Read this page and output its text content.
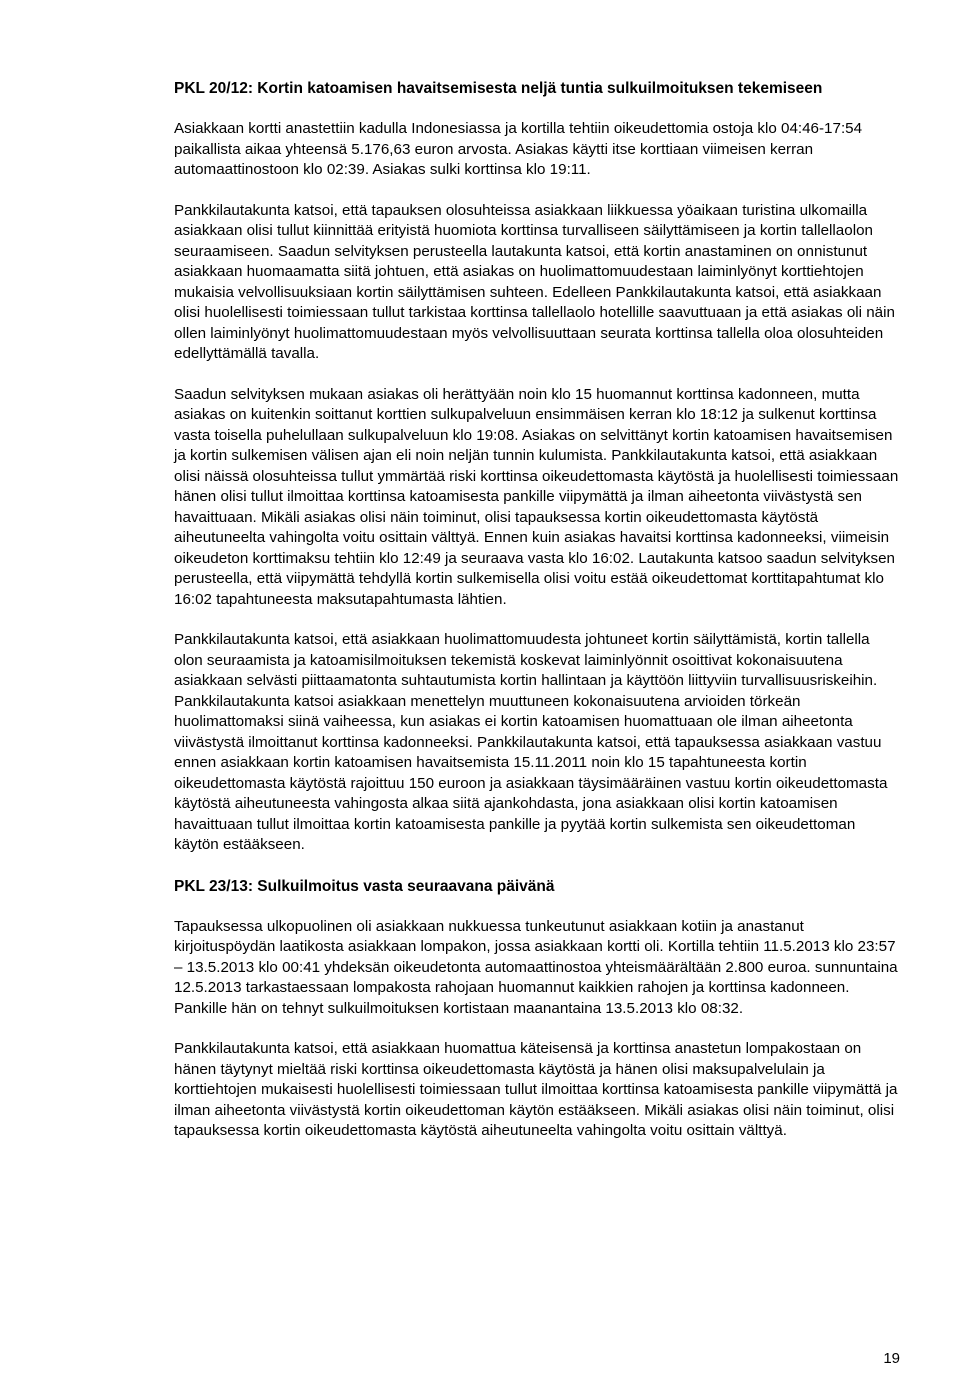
PKL 20/12: Kortin katoamisen havaitsemisesta neljä tuntia sulkuilmoituksen tekemiseen
Asiakkaan kortti anastettiin kadulla Indonesiassa ja kortilla tehtiin oikeudettomia ostoja klo 04:46-17:54 paikallista aikaa yhteensä 5.176,63 euron arvosta. Asiakas käytti itse korttiaan viimeisen kerran automaattinostoon klo 02:39. Asiakas sulki korttinsa klo 19:11.
Pankkilautakunta katsoi, että tapauksen olosuhteissa asiakkaan liikkuessa yöaikaan turistina ulkomailla asiakkaan olisi tullut kiinnittää erityistä huomiota korttinsa turvalliseen säilyttämiseen ja kortin tallellaolon seuraamiseen. Saadun selvityksen perusteella lautakunta katsoi, että kortin anastaminen on onnistunut asiakkaan huomaamatta siitä johtuen, että asiakas on huolimattomuudestaan laiminlyönyt korttiehtojen mukaisia velvollisuuksiaan kortin säilyttämisen suhteen. Edelleen Pankkilautakunta katsoi, että asiakkaan olisi huolellisesti toimiessaan tullut tarkistaa korttinsa tallellaolo hotellille saavuttuaan ja että asiakas oli näin ollen laiminlyönyt huolimattomuudestaan myös velvollisuuttaan seurata korttinsa tallella oloa olosuhteiden edellyttämällä tavalla.
Saadun selvityksen mukaan asiakas oli herättyään noin klo 15 huomannut korttinsa kadonneen, mutta asiakas on kuitenkin soittanut korttien sulkupalveluun ensimmäisen kerran klo 18:12 ja sulkenut korttinsa vasta toisella puhelullaan sulkupalveluun klo 19:08. Asiakas on selvittänyt kortin katoamisen havaitsemisen ja kortin sulkemisen välisen ajan eli noin neljän tunnin kulumista. Pankkilautakunta katsoi, että asiakkaan olisi näissä olosuhteissa tullut ymmärtää riski korttinsa oikeudettomasta käytöstä ja huolellisesti toimiessaan hänen olisi tullut ilmoittaa korttinsa katoamisesta pankille viipymättä ja ilman aiheetonta viivästystä sen havaittuaan. Mikäli asiakas olisi näin toiminut, olisi tapauksessa kortin oikeudettomasta käytöstä aiheutuneelta vahingolta voitu osittain välttyä. Ennen kuin asiakas havaitsi korttinsa kadonneeksi, viimeisin oikeudeton korttimaksu tehtiin klo 12:49 ja seuraava vasta klo 16:02. Lautakunta katsoo saadun selvityksen perusteella, että viipymättä tehdyllä kortin sulkemisella olisi voitu estää oikeudettomat korttitapahtumat klo 16:02 tapahtuneesta maksutapahtumasta lähtien.
Pankkilautakunta katsoi, että asiakkaan huolimattomuudesta johtuneet kortin säilyttämistä, kortin tallella olon seuraamista ja katoamisilmoituksen tekemistä koskevat laiminlyönnit osoittivat kokonaisuutena asiakkaan selvästi piittaamatonta suhtautumista kortin hallintaan ja käyttöön liittyviin turvallisuusriskeihin. Pankkilautakunta katsoi asiakkaan menettelyn muuttuneen kokonaisuutena arvioiden törkeän huolimattomaksi siinä vaiheessa, kun asiakas ei kortin katoamisen huomattuaan ole ilman aiheetonta viivästystä ilmoittanut korttinsa kadonneeksi. Pankkilautakunta katsoi, että tapauksessa asiakkaan vastuu ennen asiakkaan kortin katoamisen havaitsemista 15.11.2011 noin klo 15 tapahtuneesta kortin oikeudettomasta käytöstä rajoittuu 150 euroon ja asiakkaan täysimääräinen vastuu kortin oikeudettomasta käytöstä aiheutuneesta vahingosta alkaa siitä ajankohdasta, jona asiakkaan olisi kortin katoamisen havaittuaan tullut ilmoittaa kortin katoamisesta pankille ja pyytää kortin sulkemista sen oikeudettoman käytön estääkseen.
PKL 23/13: Sulkuilmoitus vasta seuraavana päivänä
Tapauksessa ulkopuolinen oli asiakkaan nukkuessa tunkeutunut asiakkaan kotiin ja anastanut kirjoituspöydän laatikosta asiakkaan lompakon, jossa asiakkaan kortti oli. Kortilla tehtiin 11.5.2013 klo 23:57 – 13.5.2013 klo 00:41 yhdeksän oikeudetonta automaattinostoa yhteismäärältään 2.800 euroa. sunnuntaina 12.5.2013 tarkastaessaan lompakosta rahojaan huomannut kaikkien rahojen ja korttinsa kadonneen. Pankille hän on tehnyt sulkuilmoituksen kortistaan maanantaina 13.5.2013 klo 08:32.
Pankkilautakunta katsoi, että asiakkaan huomattua käteisensä ja korttinsa anastetun lompakostaan on hänen täytynyt mieltää riski korttinsa oikeudettomasta käytöstä ja hänen olisi maksupalvelulain ja korttiehtojen mukaisesti huolellisesti toimiessaan tullut ilmoittaa korttinsa katoamisesta pankille viipymättä ja ilman aiheetonta viivästystä kortin oikeudettoman käytön estääkseen. Mikäli asiakas olisi näin toiminut, olisi tapauksessa kortin oikeudettomasta käytöstä aiheutuneelta vahingolta voitu osittain välttyä.
19
